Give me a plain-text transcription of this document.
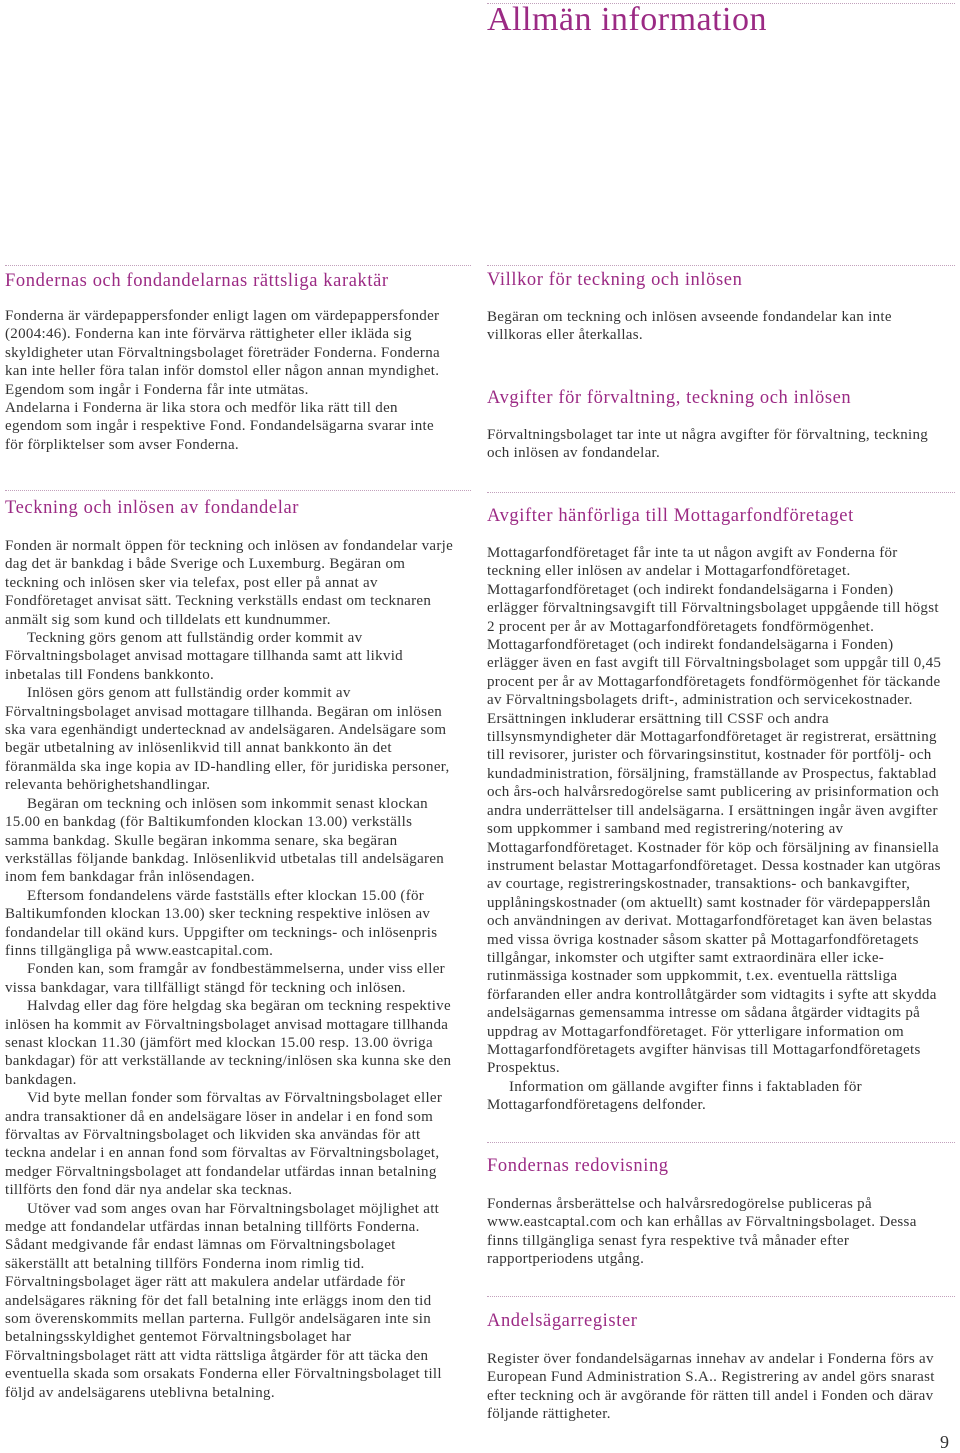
Fondernas och fondandelarnas rättsliga karaktär

Fonderna är värdepappersfonder enligt lagen om värdepappersfonder
(2004:46). Fonderna kan inte förvärva rättigheter eller ikläda sig
skyldigheter utan Förvaltningsbolaget företräder Fonderna. Fonderna
kan inte heller föra talan inför domstol eller någon annan myndighet.
Egendom som ingår i Fonderna får inte utmätas.

Andelarna i Fonderna är lika stora och medför lika rätt till den
egendom som ingår i respektive Fond. Fondandelsägarna svarar inte
för förpliktelser som avser Fonderna.

Teckning och inlösen av fondandelar

Fonden är normalt öppen för teckning och inlösen av fondandelar varje
dag det är bankdag i både Sverige och Luxemburg. Begäran om
teckning och inlösen sker via telefax, post eller på annat av
Fondföretaget anvisat sätt. Teckning verkställs endast om tecknaren
anmält sig som kund och tilldelats ett kundnummer.

Teckning görs genom att fullständig order kommit av
Förvaltningsbolaget anvisad mottagare tillhanda samt att likvid
inbetalas till Fondens bankkonto.

Inlösen görs genom att fullständig order kommit av
Förvaltningsbolaget anvisad mottagare tillhanda. Begäran om inlösen
ska vara egenhändigt undertecknad av andelsägaren. Andelsägare som
begär utbetalning av inlösenlikvid till annat bankkonto än det
föranmälda ska inge kopia av ID-handling eller, för juridiska personer,
relevanta behörighetshandlingar.

Begäran om teckning och inlösen som inkommit senast klockan
15.00 en bankdag (för Baltikumfonden klockan 13.00) verkställs
samma bankdag. Skulle begäran inkomma senare, ska begäran
verkställas följande bankdag. Inlösenlikvid utbetalas till andelsägaren
inom fem bankdagar från inlösendagen.

Eftersom fondandelens värde fastställs efter klockan 15.00 (för
Baltikumfonden klockan 13.00) sker teckning respektive inlösen av
fondandelar till okänd kurs. Uppgifter om tecknings- och inlösenpris
finns tillgängliga på www.eastcapital.com.

Fonden kan, som framgår av fondbestämmelserna, under viss eller
vissa bankdagar, vara tillfälligt stängd för teckning och inlösen.

Halvdag eller dag före helgdag ska begäran om teckning respektive
inlösen ha kommit av Förvaltningsbolaget anvisad mottagare tillhanda
senast klockan 11.30 (jämfört med klockan 15.00 resp. 13.00 övriga
bankdagar) för att verkställande av teckning/inlösen ska kunna ske den
bankdagen.

Vid byte mellan fonder som förvaltas av Förvaltningsbolaget eller
andra transaktioner då en andelsägare löser in andelar i en fond som
förvaltas av Förvaltningsbolaget och likviden ska användas för att
teckna andelar i en annan fond som förvaltas av Förvaltningsbolaget,
medger Förvaltningsbolaget att fondandelar utfärdas innan betalning
tillförts den fond där nya andelar ska tecknas.

Utöver vad som anges ovan har Förvaltningsbolaget möjlighet att
medge att fondandelar utfärdas innan betalning tillförts Fonderna.
Sådant medgivande får endast lämnas om Förvaltningsbolaget
säkerställt att betalning tillförs Fonderna inom rimlig tid.
Förvaltningsbolaget äger rätt att makulera andelar utfärdade för
andelsägares räkning för det fall betalning inte erläggs inom den tid
som överenskommits mellan parterna. Fullgör andelsägaren inte sin
betalningsskyldighet gentemot Förvaltningsbolaget har
Förvaltningsbolaget rätt att vidta rättsliga åtgärder för att täcka den
eventuella skada som orsakats Fonderna eller Förvaltningsbolaget till
följd av andelsägarens uteblivna betalning.

Allmän information
Villkor för teckning och inlösen

Begäran om teckning och inlösen avseende fondandelar kan inte
villkoras eller återkallas.

Avgifter för förvaltning, teckning och inlösen

Förvaltningsbolaget tar inte ut några avgifter för förvaltning, teckning
och inlösen av fondandelar.

Avgifter hänförliga till Mottagarfondföretaget

Mottagarfondföretaget får inte ta ut någon avgift av Fonderna för
teckning eller inlösen av andelar i Mottagarfondföretaget.
Mottagarfondföretaget (och indirekt fondandelsägarna i Fonden)
erlägger förvaltningsavgift till Förvaltningsbolaget uppgående till högst
2 procent per år av Mottagarfondföretagets fondförmögenhet.
Mottagarfondföretaget (och indirekt fondandelsägarna i Fonden)
erlägger även en fast avgift till Förvaltningsbolaget som uppgår till 0,45
procent per år av Mottagarfondföretagets fondförmögenhet för täckande
av Förvaltningsbolagets drift-, administration och servicekostnader.
Ersättningen inkluderar ersättning till CSSF och andra
tillsynsmyndigheter där Mottagarfondföretaget är registrerat, ersättning
till revisorer, jurister och förvaringsinstitut, kostnader för portfölj- och
kundadministration, försäljning, framställande av Prospectus, faktablad
och års-och halvårsredogörelse samt publicering av prisinformation och
andra underrättelser till andelsägarna. I ersättningen ingår även avgifter
som uppkommer i samband med registrering/notering av
Mottagarfondföretaget. Kostnader för köp och försäljning av finansiella
instrument belastar Mottagarfondföretaget. Dessa kostnader kan utgöras
av courtage, registreringskostnader, transaktions- och bankavgifter,
upplåningskostnader (om aktuellt) samt kostnader för värdepapperslån
och användningen av derivat. Mottagarfondföretaget kan även belastas
med vissa övriga kostnader såsom skatter på Mottagarfondföretagets
tillgångar, inkomster och utgifter samt extraordinära eller icke-
rutinmässiga kostnader som uppkommit, t.ex. eventuella rättsliga
förfaranden eller andra kontrollåtgärder som vidtagits i syfte att skydda
andelsägarnas gemensamma intresse om sådana åtgärder vidtagits på
uppdrag av Mottagarfondföretaget. För ytterligare information om
Mottagarfondföretagets avgifter hänvisas till Mottagarfondföretagets
Prospektus.

Information om gällande avgifter finns i faktabladen för
Mottagarfondföretagens delfonder.

Fondernas redovisning

Fondernas årsberättelse och halvårsredogörelse publiceras på
www.eastcaptal.com och kan erhållas av Förvaltningsbolaget. Dessa
finns tillgängliga senast fyra respektive två månader efter
rapportperiodens utgång.

Andelsägarregister

Register över fondandelsägarnas innehav av andelar i Fonderna förs av
European Fund Administration S.A.. Registrering av andel görs snarast
efter teckning och är avgörande för rätten till andel i Fonden och därav
följande rättigheter.

9
